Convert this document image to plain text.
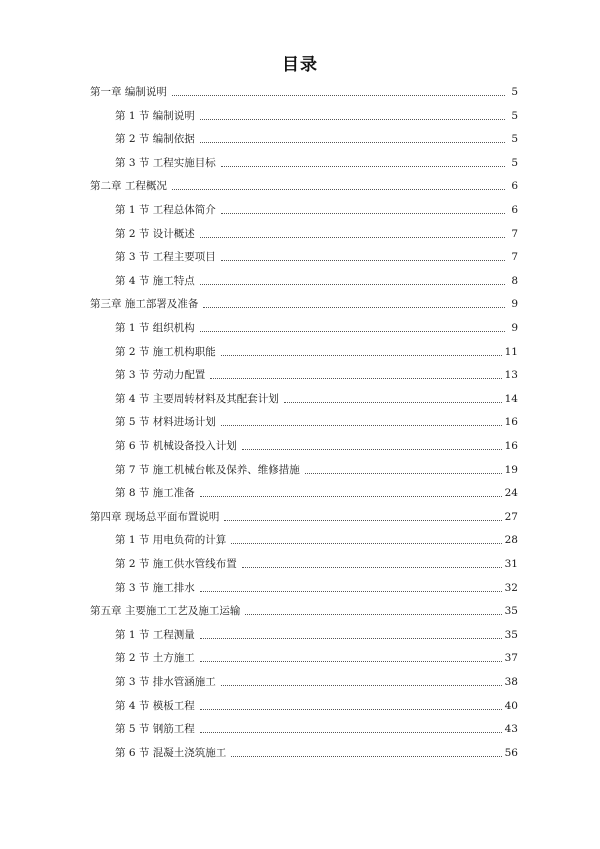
目录
第一章 编制说明	5
第 1 节 编制说明	5
第 2 节 编制依据	5
第 3 节 工程实施目标	5
第二章 工程概况	6
第 1 节 工程总体简介	6
第 2 节 设计概述	7
第 3 节 工程主要项目	7
第 4 节 施工特点	8
第三章 施工部署及准备	9
第 1 节 组织机构	9
第 2 节 施工机构职能	11
第 3 节 劳动力配置	13
第 4 节 主要周转材料及其配套计划	14
第 5 节 材料进场计划	16
第 6 节 机械设备投入计划	16
第 7 节 施工机械台帐及保养、维修措施	19
第 8 节 施工准备	24
第四章 现场总平面布置说明	27
第 1 节 用电负荷的计算	28
第 2 节 施工供水管线布置	31
第 3 节 施工排水	32
第五章 主要施工工艺及施工运输	35
第 1 节 工程测量	35
第 2 节 土方施工	37
第 3 节 排水管涵施工	38
第 4 节 模板工程	40
第 5 节 钢筋工程	43
第 6 节 混凝土浇筑施工	56
